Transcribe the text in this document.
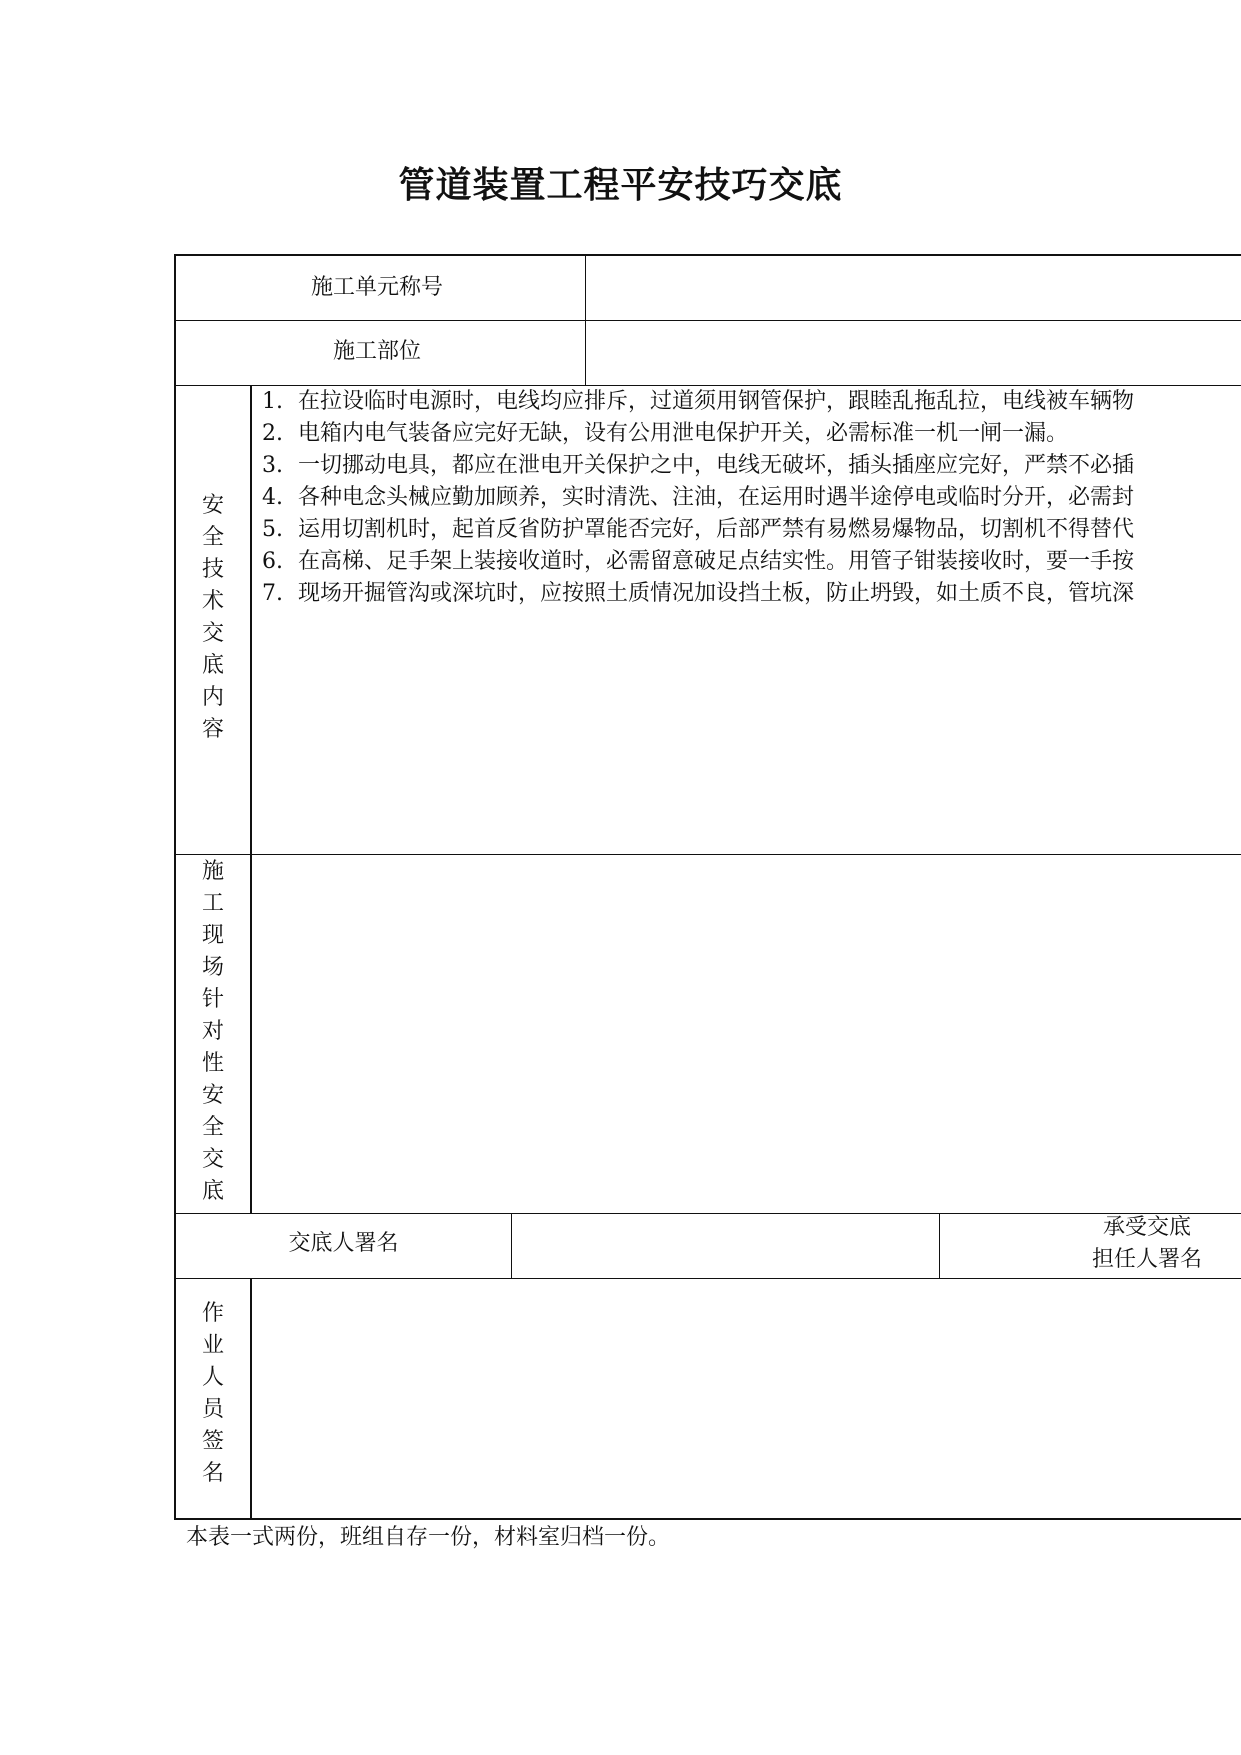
管道装置工程平安技巧交底
施工单元称号
施工部位
安
全
技
术
交
底
内
容
1. 在拉设临时电源时，电线均应排斥，过道须用钢管保护，跟睦乱拖乱拉，电线被车辆物
2. 电箱内电气装备应完好无缺，设有公用泄电保护开关，必需标准一机一闸一漏。
3. 一切挪动电具，都应在泄电开关保护之中，电线无破坏，插头插座应完好，严禁不必插
4. 各种电念头械应勤加顾养，实时清洗、注油，在运用时遇半途停电或临时分开，必需封
5. 运用切割机时，起首反省防护罩能否完好，后部严禁有易燃易爆物品，切割机不得替代
6. 在高梯、足手架上装接收道时，必需留意破足点结实性。用管子钳装接收时，要一手按
7. 现场开掘管沟或深坑时，应按照土质情况加设挡土板，防止坍毁，如土质不良，管坑深
施
工
现
场
针
对
性
安
全
交
底
交底人署名
承受交底
担任人署名
作
业
人
员
签
名
本表一式两份，班组自存一份，材料室归档一份。
